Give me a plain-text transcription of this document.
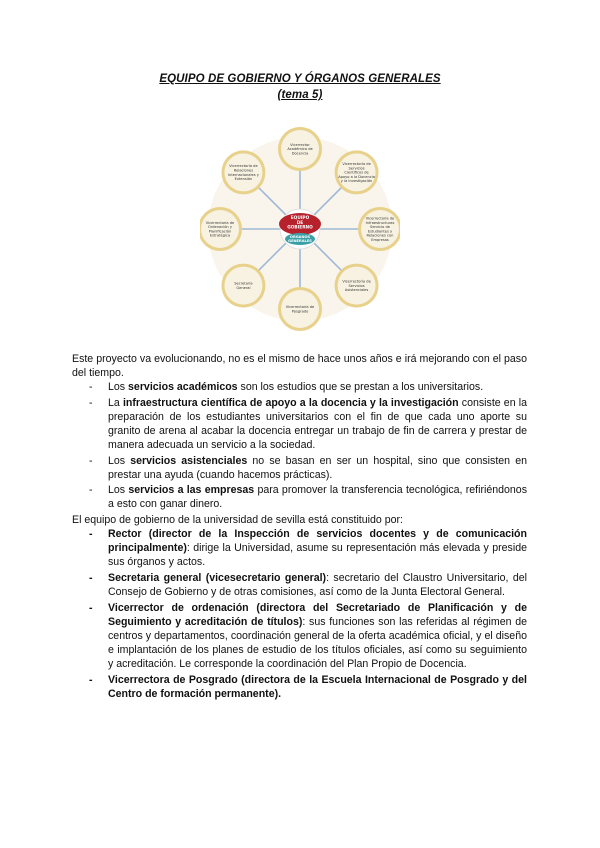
EQUIPO DE GOBIERNO Y ÓRGANOS GENERALES
(tema 5)
Vicerrector
Académico de
Docencia
Vicerrectoría de
Servicios
Científicos de
Apoyo a la Docencia
y la Investigación
Vicerrectoría de
Infraestructuras
Servicio de
Estudiantes y
Relaciones con
Empresas
Vicerrectoría de
Servicios
Asistenciales
Vicerrectoría de
Posgrado
Secretaría
General
Vicerrectoría de
Ordenación y
Planificación
Estratégica
Vicerrectoría de
Relaciones
Internacionales y
Extensión
EQUIPO
DE
GOBIERNO
ÓRGANOS
GENERALES

Este proyecto va evolucionando, no es el mismo de hace unos años e irá mejorando con el paso del tiempo.

- Los servicios académicos son los estudios que se prestan a los universitarios.
- La infraestructura científica de apoyo a la docencia y la investigación consiste en la preparación de los estudiantes universitarios con el fin de que cada uno aporte su granito de arena al acabar la docencia entregar un trabajo de fin de carrera y prestar de manera adecuada un servicio a la sociedad.
- Los servicios asistenciales no se basan en ser un hospital, sino que consisten en prestar una ayuda (cuando hacemos prácticas).
- Los servicios a las empresas para promover la transferencia tecnológica, refiriéndonos a esto con ganar dinero.

El equipo de gobierno de la universidad de sevilla está constituido por:

- Rector (director de la Inspección de servicios docentes y de comunicación principalmente): dirige la Universidad, asume su representación más elevada y preside sus órganos y actos.
- Secretaria general (vicesecretario general): secretario del Claustro Universitario, del Consejo de Gobierno y de otras comisiones, así como de la Junta Electoral General.
- Vicerrector de ordenación (directora del Secretariado de Planificación y de Seguimiento y acreditación de títulos): sus funciones son las referidas al régimen de centros y departamentos, coordinación general de la oferta académica oficial, y el diseño e implantación de los planes de estudio de los títulos oficiales, así como su seguimiento y acreditación. Le corresponde la coordinación del Plan Propio de Docencia.
- Vicerrectora de Posgrado (directora de la Escuela Internacional de Posgrado y del Centro de formación permanente).
